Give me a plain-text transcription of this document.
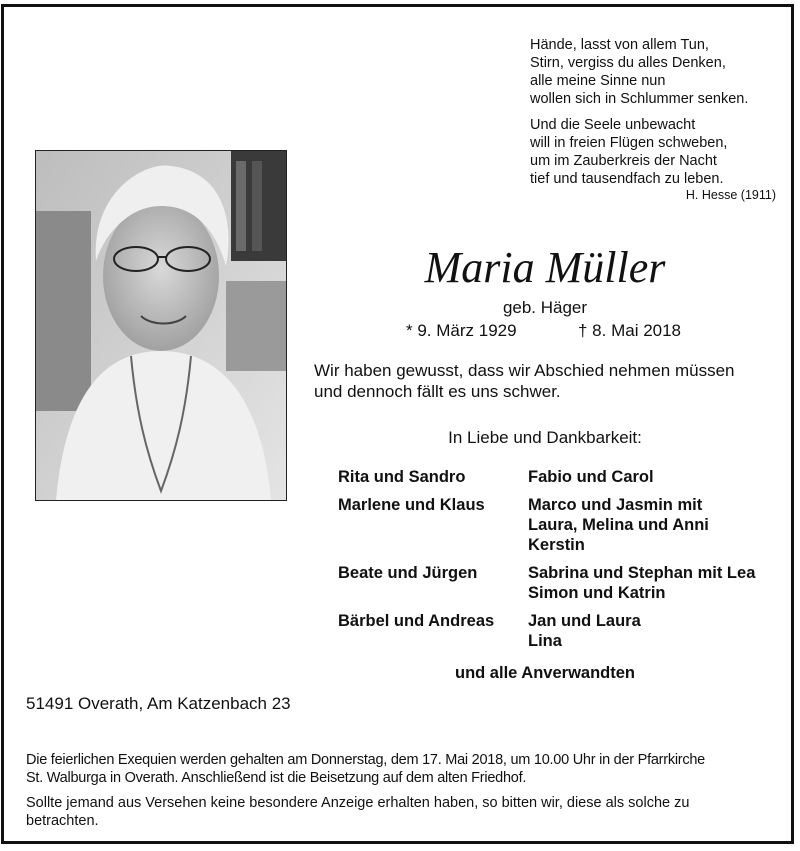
Hände, lasst von allem Tun,
Stirn, vergiss du alles Denken,
alle meine Sinne nun
wollen sich in Schlummer senken.
Und die Seele unbewacht
will in freien Flügen schweben,
um im Zauberkreis der Nacht
tief und tausendfach zu leben.
H. Hesse (1911)
Maria Müller
geb. Häger
* 9. März 1929	† 8. Mai 2018
Wir haben gewusst, dass wir Abschied nehmen müssen
und dennoch fällt es uns schwer.
In Liebe und Dankbarkeit:
Rita und Sandro	Fabio und Carol
Marlene und Klaus	Marco und Jasmin mit
Laura, Melina und Anni
Kerstin
Beate und Jürgen	Sabrina und Stephan mit Lea
Simon und Katrin
Bärbel und Andreas	Jan und Laura
Lina
und alle Anverwandten
51491 Overath, Am Katzenbach 23
Die feierlichen Exequien werden gehalten am Donnerstag, dem 17. Mai 2018, um 10.00 Uhr in der Pfarrkirche
St. Walburga in Overath. Anschließend ist die Beisetzung auf dem alten Friedhof.
Sollte jemand aus Versehen keine besondere Anzeige erhalten haben, so bitten wir, diese als solche zu
betrachten.
